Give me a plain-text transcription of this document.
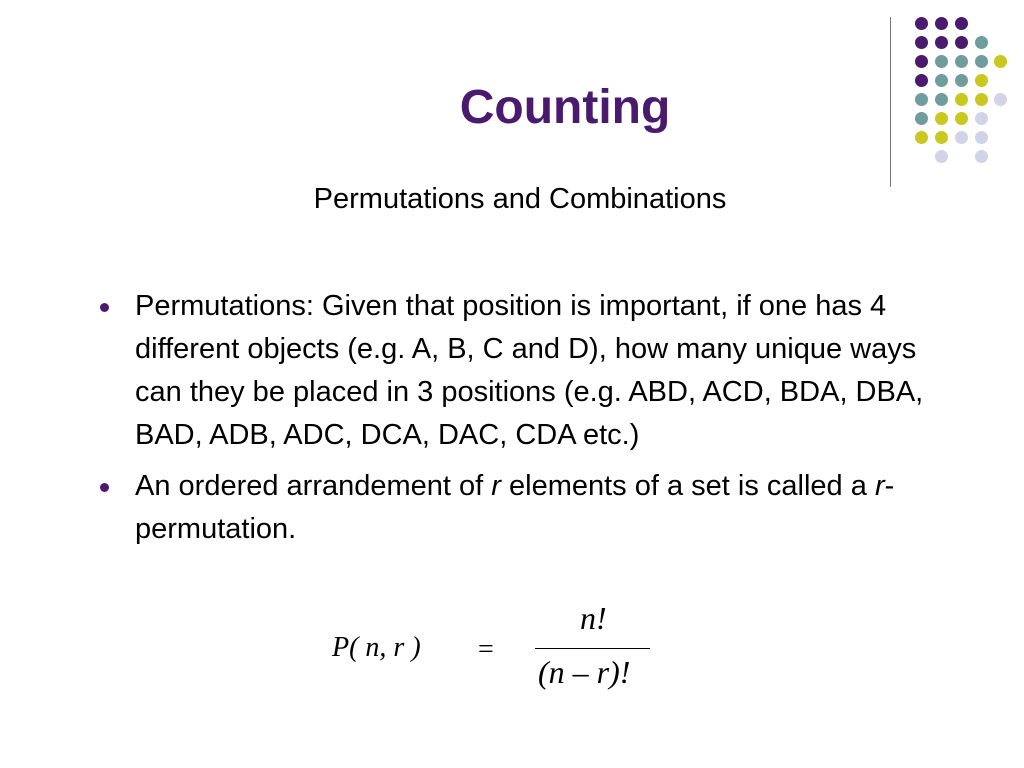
Counting
Permutations and Combinations
Permutations: Given that position is important, if one has 4 different objects (e.g. A, B, C and D), how many unique ways can they be placed in 3 positions (e.g. ABD, ACD, BDA, DBA, BAD, ADB, ADC, DCA, DAC, CDA etc.)
An ordered arrandement of r elements of a set is called a r-permutation.
P( n, r ) =
n!
(n – r)!
